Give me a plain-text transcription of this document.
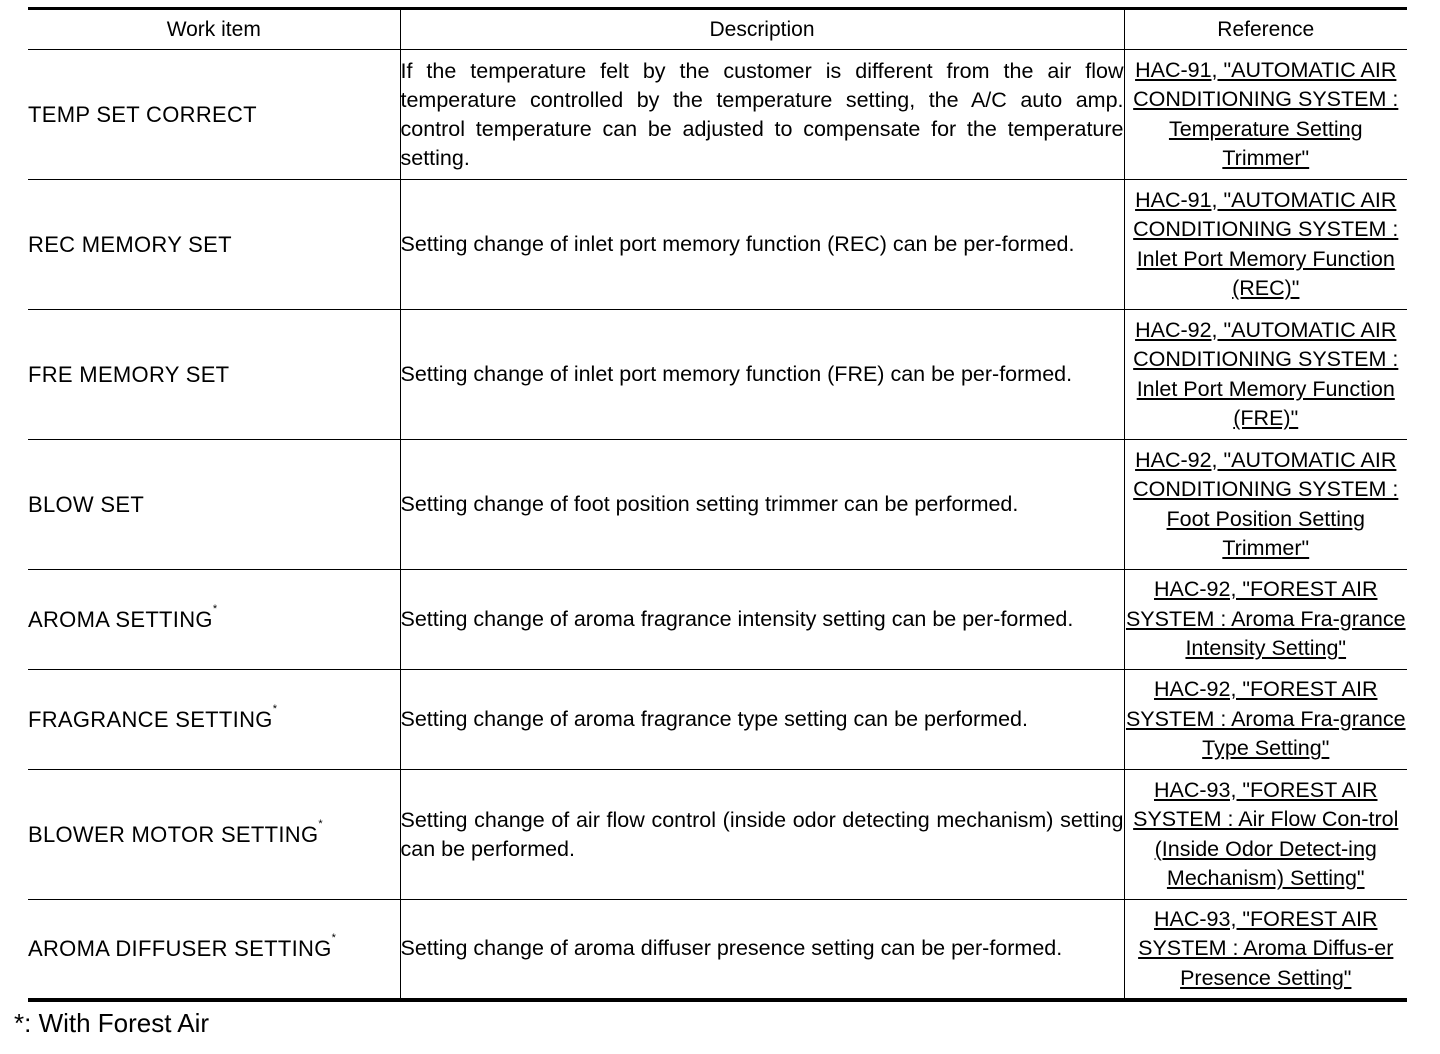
Work item	Description	Reference
TEMP SET CORRECT	If the temperature felt by the customer is different from the air flow temperature controlled by the temperature setting, the A/C auto amp. control temperature can be adjusted to compensate for the temperature setting.	HAC-91, "AUTOMATIC AIR CONDITIONING SYSTEM : Temperature Setting Trimmer"
REC MEMORY SET	Setting change of inlet port memory function (REC) can be per-formed.	HAC-91, "AUTOMATIC AIR CONDITIONING SYSTEM : Inlet Port Memory Function (REC)"
FRE MEMORY SET	Setting change of inlet port memory function (FRE) can be per-formed.	HAC-92, "AUTOMATIC AIR CONDITIONING SYSTEM : Inlet Port Memory Function (FRE)"
BLOW SET	Setting change of foot position setting trimmer can be performed.	HAC-92, "AUTOMATIC AIR CONDITIONING SYSTEM : Foot Position Setting Trimmer"
AROMA SETTING*	Setting change of aroma fragrance intensity setting can be per-formed.	HAC-92, "FOREST AIR SYSTEM : Aroma Fra-grance Intensity Setting"
FRAGRANCE SETTING*	Setting change of aroma fragrance type setting can be performed.	HAC-92, "FOREST AIR SYSTEM : Aroma Fra-grance Type Setting"
BLOWER MOTOR SETTING*	Setting change of air flow control (inside odor detecting mechanism) setting can be performed.	HAC-93, "FOREST AIR SYSTEM : Air Flow Con-trol (Inside Odor Detect-ing Mechanism) Setting"
AROMA DIFFUSER SETTING*	Setting change of aroma diffuser presence setting can be per-formed.	HAC-93, "FOREST AIR SYSTEM : Aroma Diffus-er Presence Setting"
*: With Forest Air
